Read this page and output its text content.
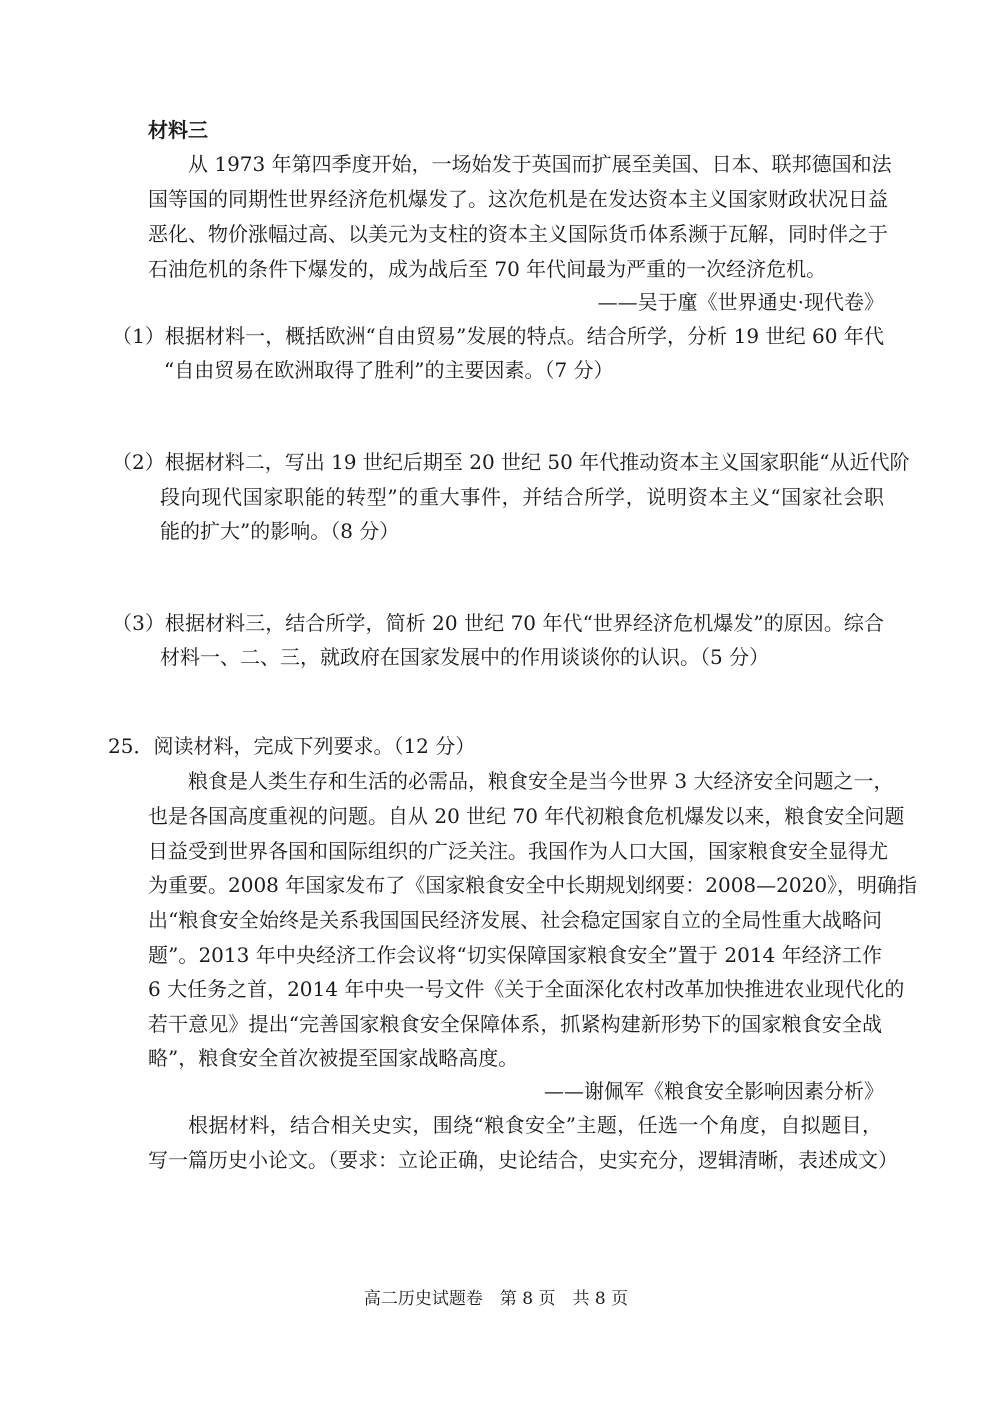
材料三
从 1973 年第四季度开始，一场始发于英国而扩展至美国、日本、联邦德国和法
国等国的同期性世界经济危机爆发了。这次危机是在发达资本主义国家财政状况日益
恶化、物价涨幅过高、以美元为支柱的资本主义国际货币体系濒于瓦解，同时伴之于
石油危机的条件下爆发的，成为战后至 70 年代间最为严重的一次经济危机。
——吴于廑《世界通史·现代卷》
（1）根据材料一，概括欧洲“自由贸易”发展的特点。结合所学，分析 19 世纪 60 年代
“自由贸易在欧洲取得了胜利”的主要因素。（7 分）
（2）根据材料二，写出 19 世纪后期至 20 世纪 50 年代推动资本主义国家职能“从近代阶
段向现代国家职能的转型”的重大事件，并结合所学，说明资本主义“国家社会职
能的扩大”的影响。（8 分）
（3）根据材料三，结合所学，简析 20 世纪 70 年代“世界经济危机爆发”的原因。综合
材料一、二、三，就政府在国家发展中的作用谈谈你的认识。（5 分）
25．阅读材料，完成下列要求。（12 分）
粮食是人类生存和生活的必需品，粮食安全是当今世界 3 大经济安全问题之一，
也是各国高度重视的问题。自从 20 世纪 70 年代初粮食危机爆发以来，粮食安全问题
日益受到世界各国和国际组织的广泛关注。我国作为人口大国，国家粮食安全显得尤
为重要。2008 年国家发布了《国家粮食安全中长期规划纲要：2008—2020》，明确指
出“粮食安全始终是关系我国国民经济发展、社会稳定国家自立的全局性重大战略问
题”。2013 年中央经济工作会议将“切实保障国家粮食安全”置于 2014 年经济工作
6 大任务之首，2014 年中央一号文件《关于全面深化农村改革加快推进农业现代化的
若干意见》提出“完善国家粮食安全保障体系，抓紧构建新形势下的国家粮食安全战
略”，粮食安全首次被提至国家战略高度。
——谢佩军《粮食安全影响因素分析》
根据材料，结合相关史实，围绕“粮食安全”主题，任选一个角度，自拟题目，
写一篇历史小论文。（要求：立论正确，史论结合，史实充分，逻辑清晰，表述成文）
高二历史试题卷　第 8 页　共 8 页
